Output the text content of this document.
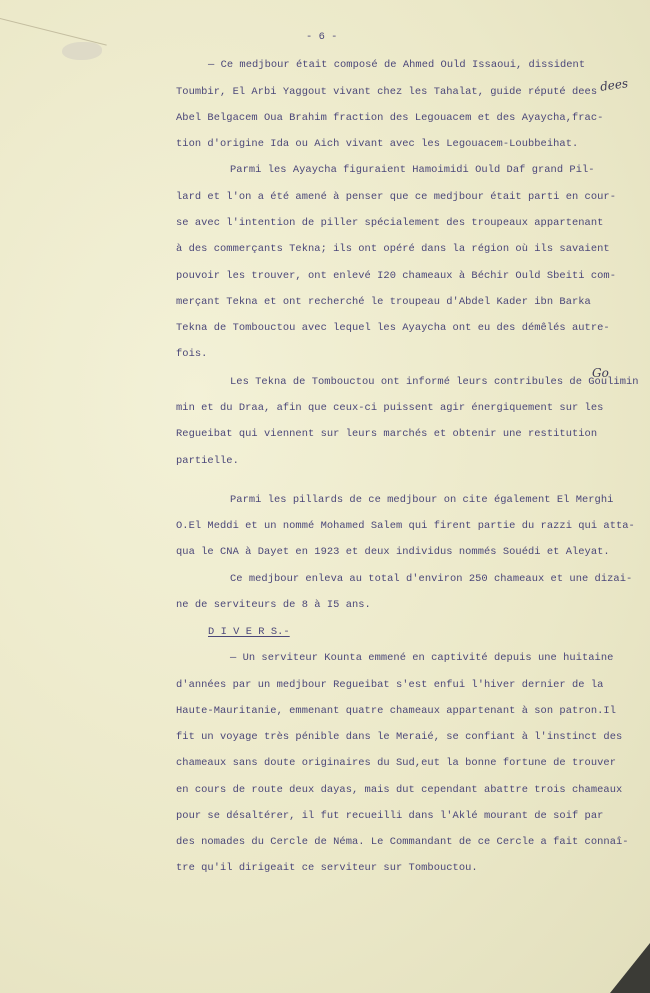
- 6 -

— Ce medjbour était composé de Ahmed Ould Issaoui, dissident

Toumbir, El Arbi Yaggout vivant chez les Tahalat, guide réputé dees

Abel Belgacem Oua Brahim fraction des Legouacem et des Ayaycha,frac-

tion d'origine Ida ou Aich vivant avec les Legouacem-Loubbeihat.

Parmi les Ayaycha figuraient Hamoimidi Ould Daf grand Pil-

lard et l'on a été amené à penser que ce medjbour était parti en cour-

se avec l'intention de piller spécialement des troupeaux appartenant

à des commerçants Tekna; ils ont opéré dans la région où ils savaient

pouvoir les trouver, ont enlevé I20 chameaux à Béchir Ould Sbeiti com-

merçant Tekna et ont recherché le troupeau d'Abdel Kader ibn Barka

Tekna de Tombouctou avec lequel les Ayaycha ont eu des démêlés autre-

fois.

Les Tekna de Tombouctou ont informé leurs contribules de Goulimin

min et du Draa, afin que ceux-ci puissent agir énergiquement sur les

Regueibat qui viennent sur leurs marchés et obtenir une restitution

partielle.

Parmi les pillards de ce medjbour on cite également El Merghi

O.El Meddi et un nommé Mohamed Salem qui firent partie du razzi qui atta-

qua le CNA à Dayet en 1923 et deux individus nommés Souédi et Aleyat.

Ce medjbour enleva au total d'environ 250 chameaux et une dizai-

ne de serviteurs de 8 à I5 ans.

D I V E R S.-

— Un serviteur Kounta emmené en captivité depuis une huitaine

d'années par un medjbour Regueibat s'est enfui l'hiver dernier de la

Haute-Mauritanie, emmenant quatre chameaux appartenant à son patron.Il

fit un voyage très pénible dans le Meraié, se confiant à l'instinct des

chameaux sans doute originaires du Sud,eut la bonne fortune de trouver

en cours de route deux dayas, mais dut cependant abattre trois chameaux

pour se désaltérer, il fut recueilli dans l'Aklé mourant de soif par

des nomades du Cercle de Néma. Le Commandant de ce Cercle a fait connaî-

tre qu'il dirigeait ce serviteur sur Tombouctou.

dees
Go
